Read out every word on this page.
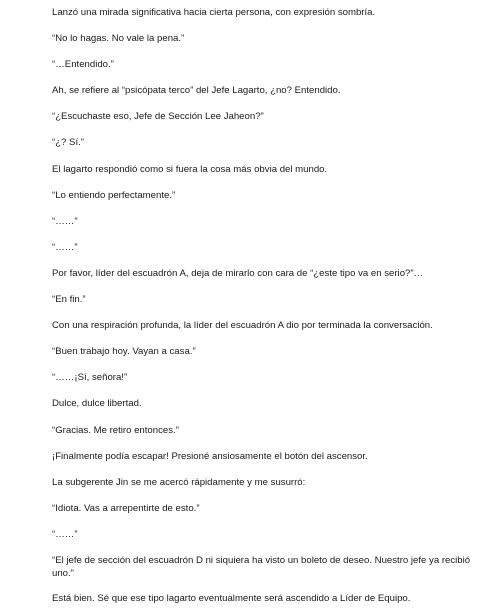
Lanzó una mirada significativa hacia cierta persona, con expresión sombría.

“No lo hagas. No vale la pena.”

“…Entendido.”

Ah, se refiere al “psicópata terco” del Jefe Lagarto, ¿no? Entendido.

“¿Escuchaste eso, Jefe de Sección Lee Jaheon?”

“¿? Sí.”

El lagarto respondió como si fuera la cosa más obvia del mundo.

“Lo entiendo perfectamente.”

“……”

“……”

Por favor, líder del escuadrón A, deja de mirarlo con cara de “¿este tipo va en serio?”…

“En fin.”

Con una respiración profunda, la líder del escuadrón A dio por terminada la conversación.

“Buen trabajo hoy. Vayan a casa.”

“……¡Sí, señora!”

Dulce, dulce libertad.

“Gracias. Me retiro entonces.”

¡Finalmente podía escapar! Presioné ansiosamente el botón del ascensor.

La subgerente Jin se me acercó rápidamente y me susurró:

“Idiota. Vas a arrepentirte de esto.”

“……”

“El jefe de sección del escuadrón D ni siquiera ha visto un boleto de deseo. Nuestro jefe ya recibió uno.”

Está bien. Sé que ese tipo lagarto eventualmente será ascendido a Líder de Equipo.
